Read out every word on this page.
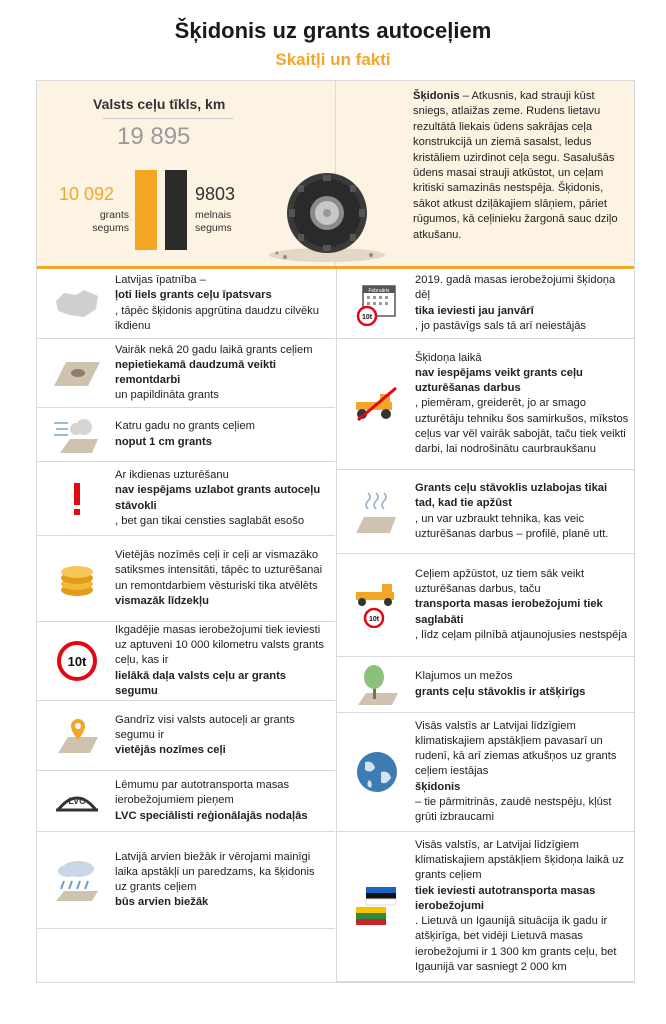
Šķidonis uz grants autoceļiem
Skaitļi un fakti
Valsts ceļu tīkls, km
19 895
10 092
grants
segums
9803
melnais
segums
Šķidonis – Atkusnis, kad strauji kūst sniegs, atlaižas zeme. Rudens lietavu rezultātā liekais ūdens sakrājas ceļa konstrukcijā un ziemā sasalst, ledus kristāliem uzirdinot ceļa segu. Sasalušās ūdens masai strauji atkūstot, un ceļam kritiski samazinās nestspēja. Šķidonis, sākot atkust dziļākajiem slāņiem, pāriet rūgumos, kā ceļinieku žargonā sauc dziļo atkušanu.
Latvijas īpatnība –
ļoti liels grants ceļu īpatsvars
, tāpēc šķidonis apgrūtina daudzu cilvēku ikdienu
Vairāk nekā 20 gadu laikā grants ceļiem
nepietiekamā daudzumā veikti remontdarbi
un papildināta grants
Katru gadu no grants ceļiem
noput 1 cm grants
Ar ikdienas uzturēšanu
nav iespējams uzlabot grants autoceļu stāvokli
, bet gan tikai censties saglabāt esošo
Vietējās nozīmēs ceļi ir ceļi ar vismazāko satiksmes intensitāti, tāpēc to uzturēšanai un remontdarbiem vēsturiski tika atvēlēts
vismazāk līdzekļu
10t
Ikgadējie masas ierobežojumi tiek ieviesti uz aptuveni 10 000 kilometru valsts grants ceļu, kas ir
lielākā daļa valsts ceļu ar grants segumu
Gandrīz visi valsts autoceļi ar grants segumu ir
vietējās nozīmes ceļi
LVC
Lēmumu par autotransporta masas ierobežojumiem pieņem
LVC speciālisti reģionālajās nodaļās
Latvijā arvien biežāk ir vērojami mainīgi laika apstākļi un paredzams, ka šķidonis uz grants ceļiem
būs arvien biežāk
Februāris
10t
2019. gadā masas ierobežojumi šķidoņa dēļ
tika ieviesti jau janvārī
, jo pastāvīgs sals tā arī neiestājās
Šķidoņa laikā
nav iespējams veikt grants ceļu uzturēšanas darbus
, piemēram, greiderēt, jo ar smago uzturētāju tehniku šos samirkušos, mīkstos ceļus var vēl vairāk sabojāt, taču tiek veikti darbi, lai nodrošinātu caurbraukšanu
Grants ceļu stāvoklis uzlabojas tikai tad, kad tie apžūst
, un var uzbraukt tehnika, kas veic uzturēšanas darbus – profilē, planē utt.
10t
Ceļiem apžūstot, uz tiem sāk veikt uzturēšanas darbus, taču
transporta masas ierobežojumi tiek saglabāti
, līdz ceļam pilnībā atjaunojusies nestspēja
Klajumos un mežos
grants ceļu stāvoklis ir atšķirīgs
Visās valstīs ar Latvijai līdzīgiem klimatiskajiem apstākļiem pavasarī un rudenī, kā arī ziemas atkušņos uz grants ceļiem iestājas
šķidonis
– tie pārmitrinās, zaudē nestspēju, kļūst grūti izbraucami
Visās valstīs, ar Latvijai līdzīgiem klimatiskajiem apstākļiem šķidoņa laikā uz grants ceļiem
tiek ieviesti autotransporta masas ierobežojumi
. Lietuvā un Igaunijā situācija ik gadu ir atšķirīga, bet vidēji Lietuvā masas ierobežojumi ir 1 300 km grants ceļu, bet Igaunijā var sasniegt 2 000 km
